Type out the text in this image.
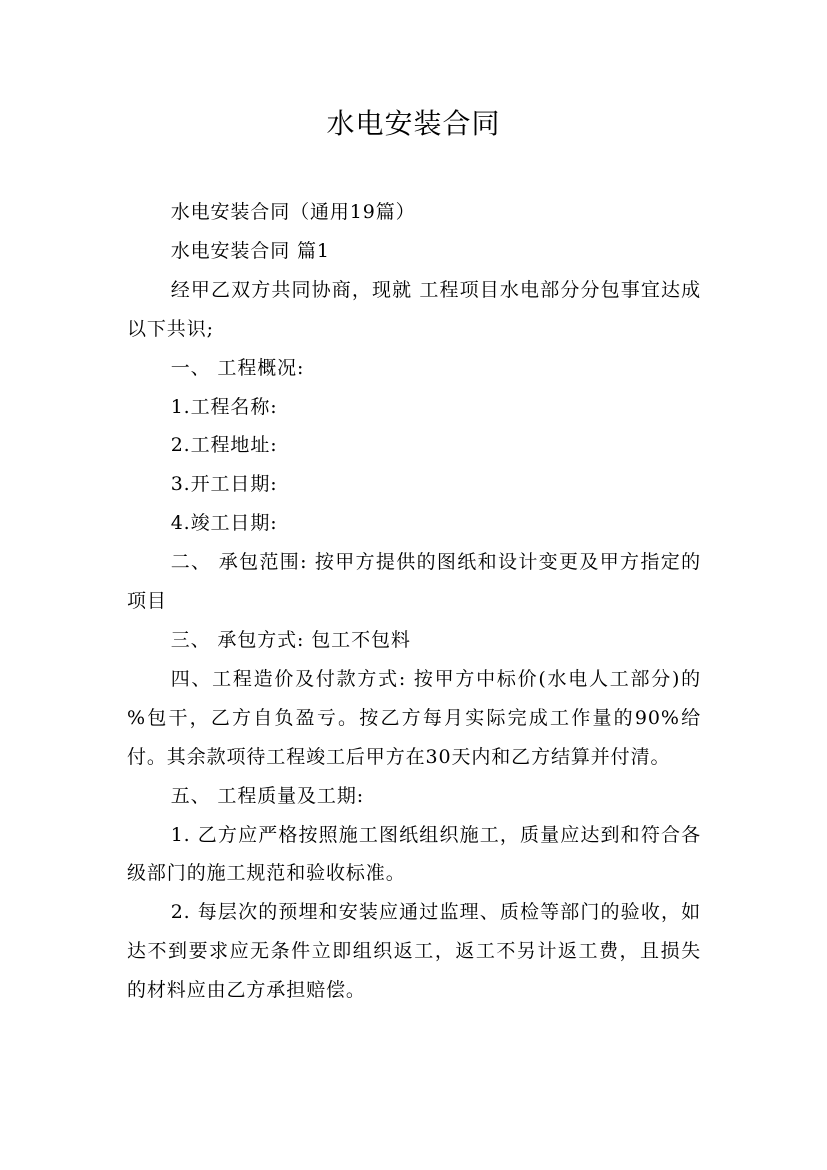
水电安装合同

水电安装合同（通用19篇）

水电安装合同 篇1

经甲乙双方共同协商，现就 工程项目水电部分分包事宜达成以下共识;

一、 工程概况:

1.工程名称:

2.工程地址:

3.开工日期:

4.竣工日期:

二、 承包范围: 按甲方提供的图纸和设计变更及甲方指定的项目

三、 承包方式: 包工不包料

四、工程造价及付款方式: 按甲方中标价(水电人工部分)的 %包干，乙方自负盈亏。按乙方每月实际完成工作量的90%给付。其余款项待工程竣工后甲方在30天内和乙方结算并付清。

五、 工程质量及工期:

1. 乙方应严格按照施工图纸组织施工，质量应达到和符合各级部门的施工规范和验收标准。

2. 每层次的预埋和安装应通过监理、质检等部门的验收，如达不到要求应无条件立即组织返工，返工不另计返工费，且损失的材料应由乙方承担赔偿。
